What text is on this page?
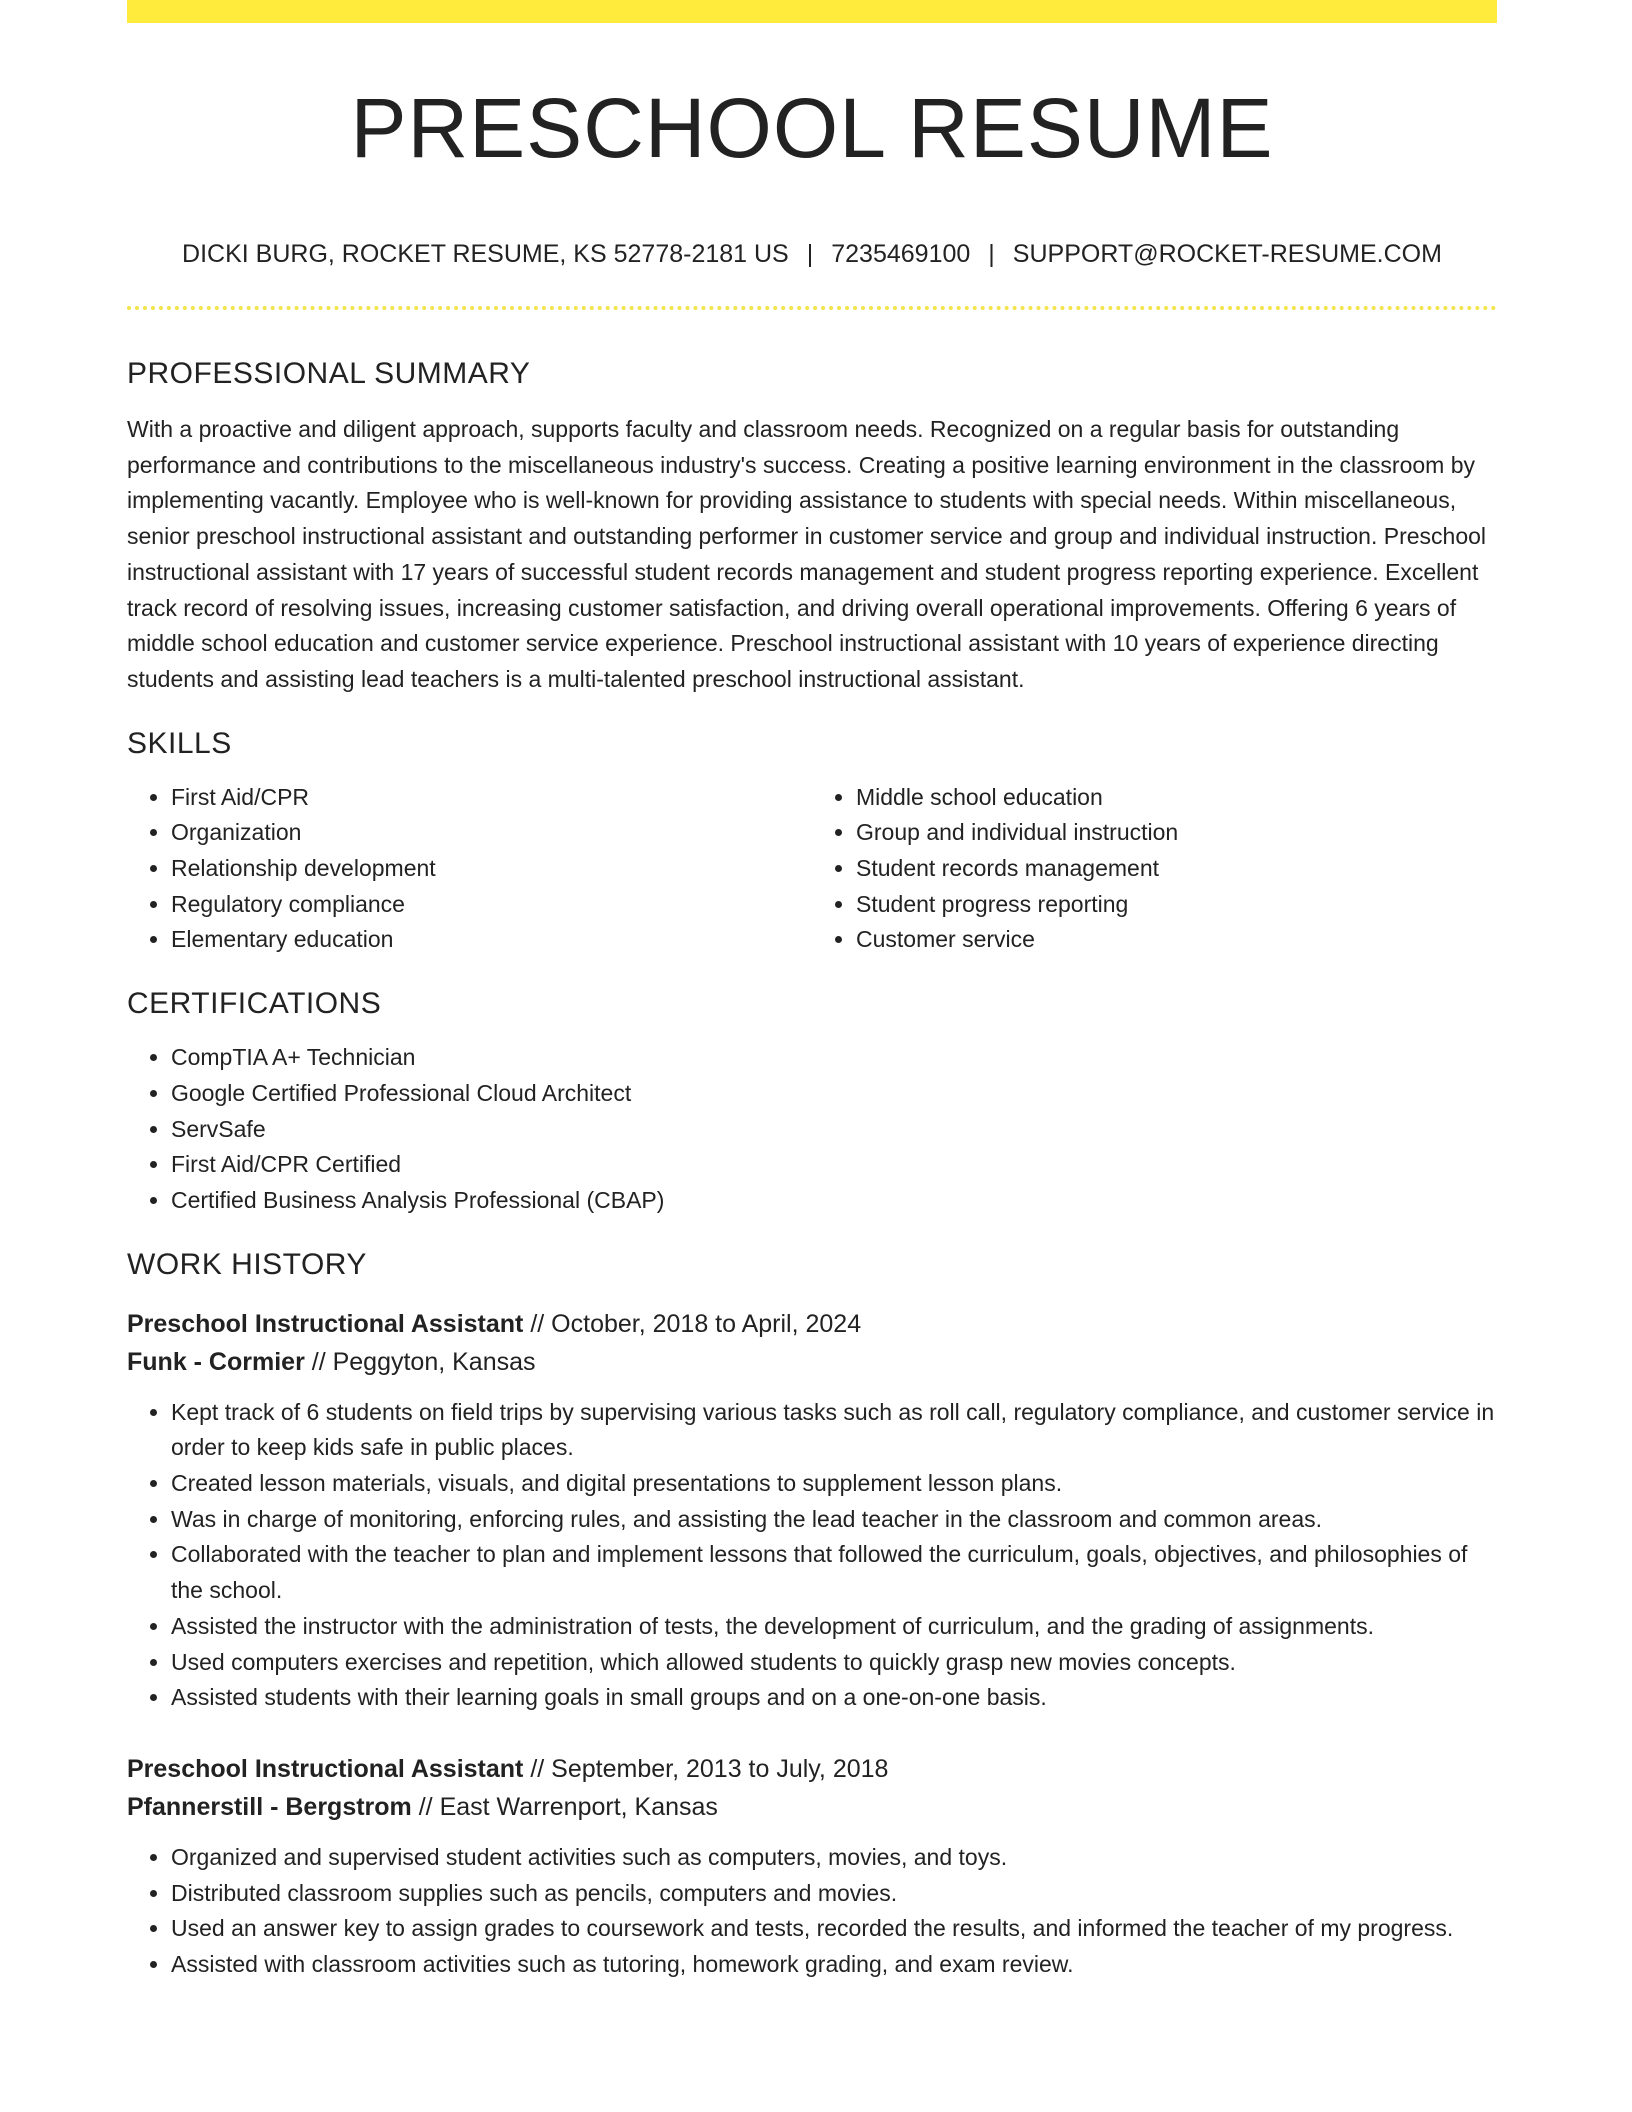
PRESCHOOL RESUME
DICKI BURG, ROCKET RESUME, KS 52778-2181 US | 7235469100 | SUPPORT@ROCKET-RESUME.COM
PROFESSIONAL SUMMARY

With a proactive and diligent approach, supports faculty and classroom needs. Recognized on a regular basis for outstanding performance and contributions to the miscellaneous industry's success. Creating a positive learning environment in the classroom by implementing vacantly. Employee who is well-known for providing assistance to students with special needs. Within miscellaneous, senior preschool instructional assistant and outstanding performer in customer service and group and individual instruction. Preschool instructional assistant with 17 years of successful student records management and student progress reporting experience. Excellent track record of resolving issues, increasing customer satisfaction, and driving overall operational improvements. Offering 6 years of middle school education and customer service experience. Preschool instructional assistant with 10 years of experience directing students and assisting lead teachers is a multi-talented preschool instructional assistant.

SKILLS
• First Aid/CPR
• Organization
• Relationship development
• Regulatory compliance
• Elementary education
• Middle school education
• Group and individual instruction
• Student records management
• Student progress reporting
• Customer service
CERTIFICATIONS
• CompTIA A+ Technician
• Google Certified Professional Cloud Architect
• ServSafe
• First Aid/CPR Certified
• Certified Business Analysis Professional (CBAP)
WORK HISTORY
Preschool Instructional Assistant // October, 2018 to April, 2024
Funk - Cormier // Peggyton, Kansas
• Kept track of 6 students on field trips by supervising various tasks such as roll call, regulatory compliance, and customer service in order to keep kids safe in public places.
• Created lesson materials, visuals, and digital presentations to supplement lesson plans.
• Was in charge of monitoring, enforcing rules, and assisting the lead teacher in the classroom and common areas.
• Collaborated with the teacher to plan and implement lessons that followed the curriculum, goals, objectives, and philosophies of the school.
• Assisted the instructor with the administration of tests, the development of curriculum, and the grading of assignments.
• Used computers exercises and repetition, which allowed students to quickly grasp new movies concepts.
• Assisted students with their learning goals in small groups and on a one-on-one basis.
Preschool Instructional Assistant // September, 2013 to July, 2018
Pfannerstill - Bergstrom // East Warrenport, Kansas
• Organized and supervised student activities such as computers, movies, and toys.
• Distributed classroom supplies such as pencils, computers and movies.
• Used an answer key to assign grades to coursework and tests, recorded the results, and informed the teacher of my progress.
• Assisted with classroom activities such as tutoring, homework grading, and exam review.
